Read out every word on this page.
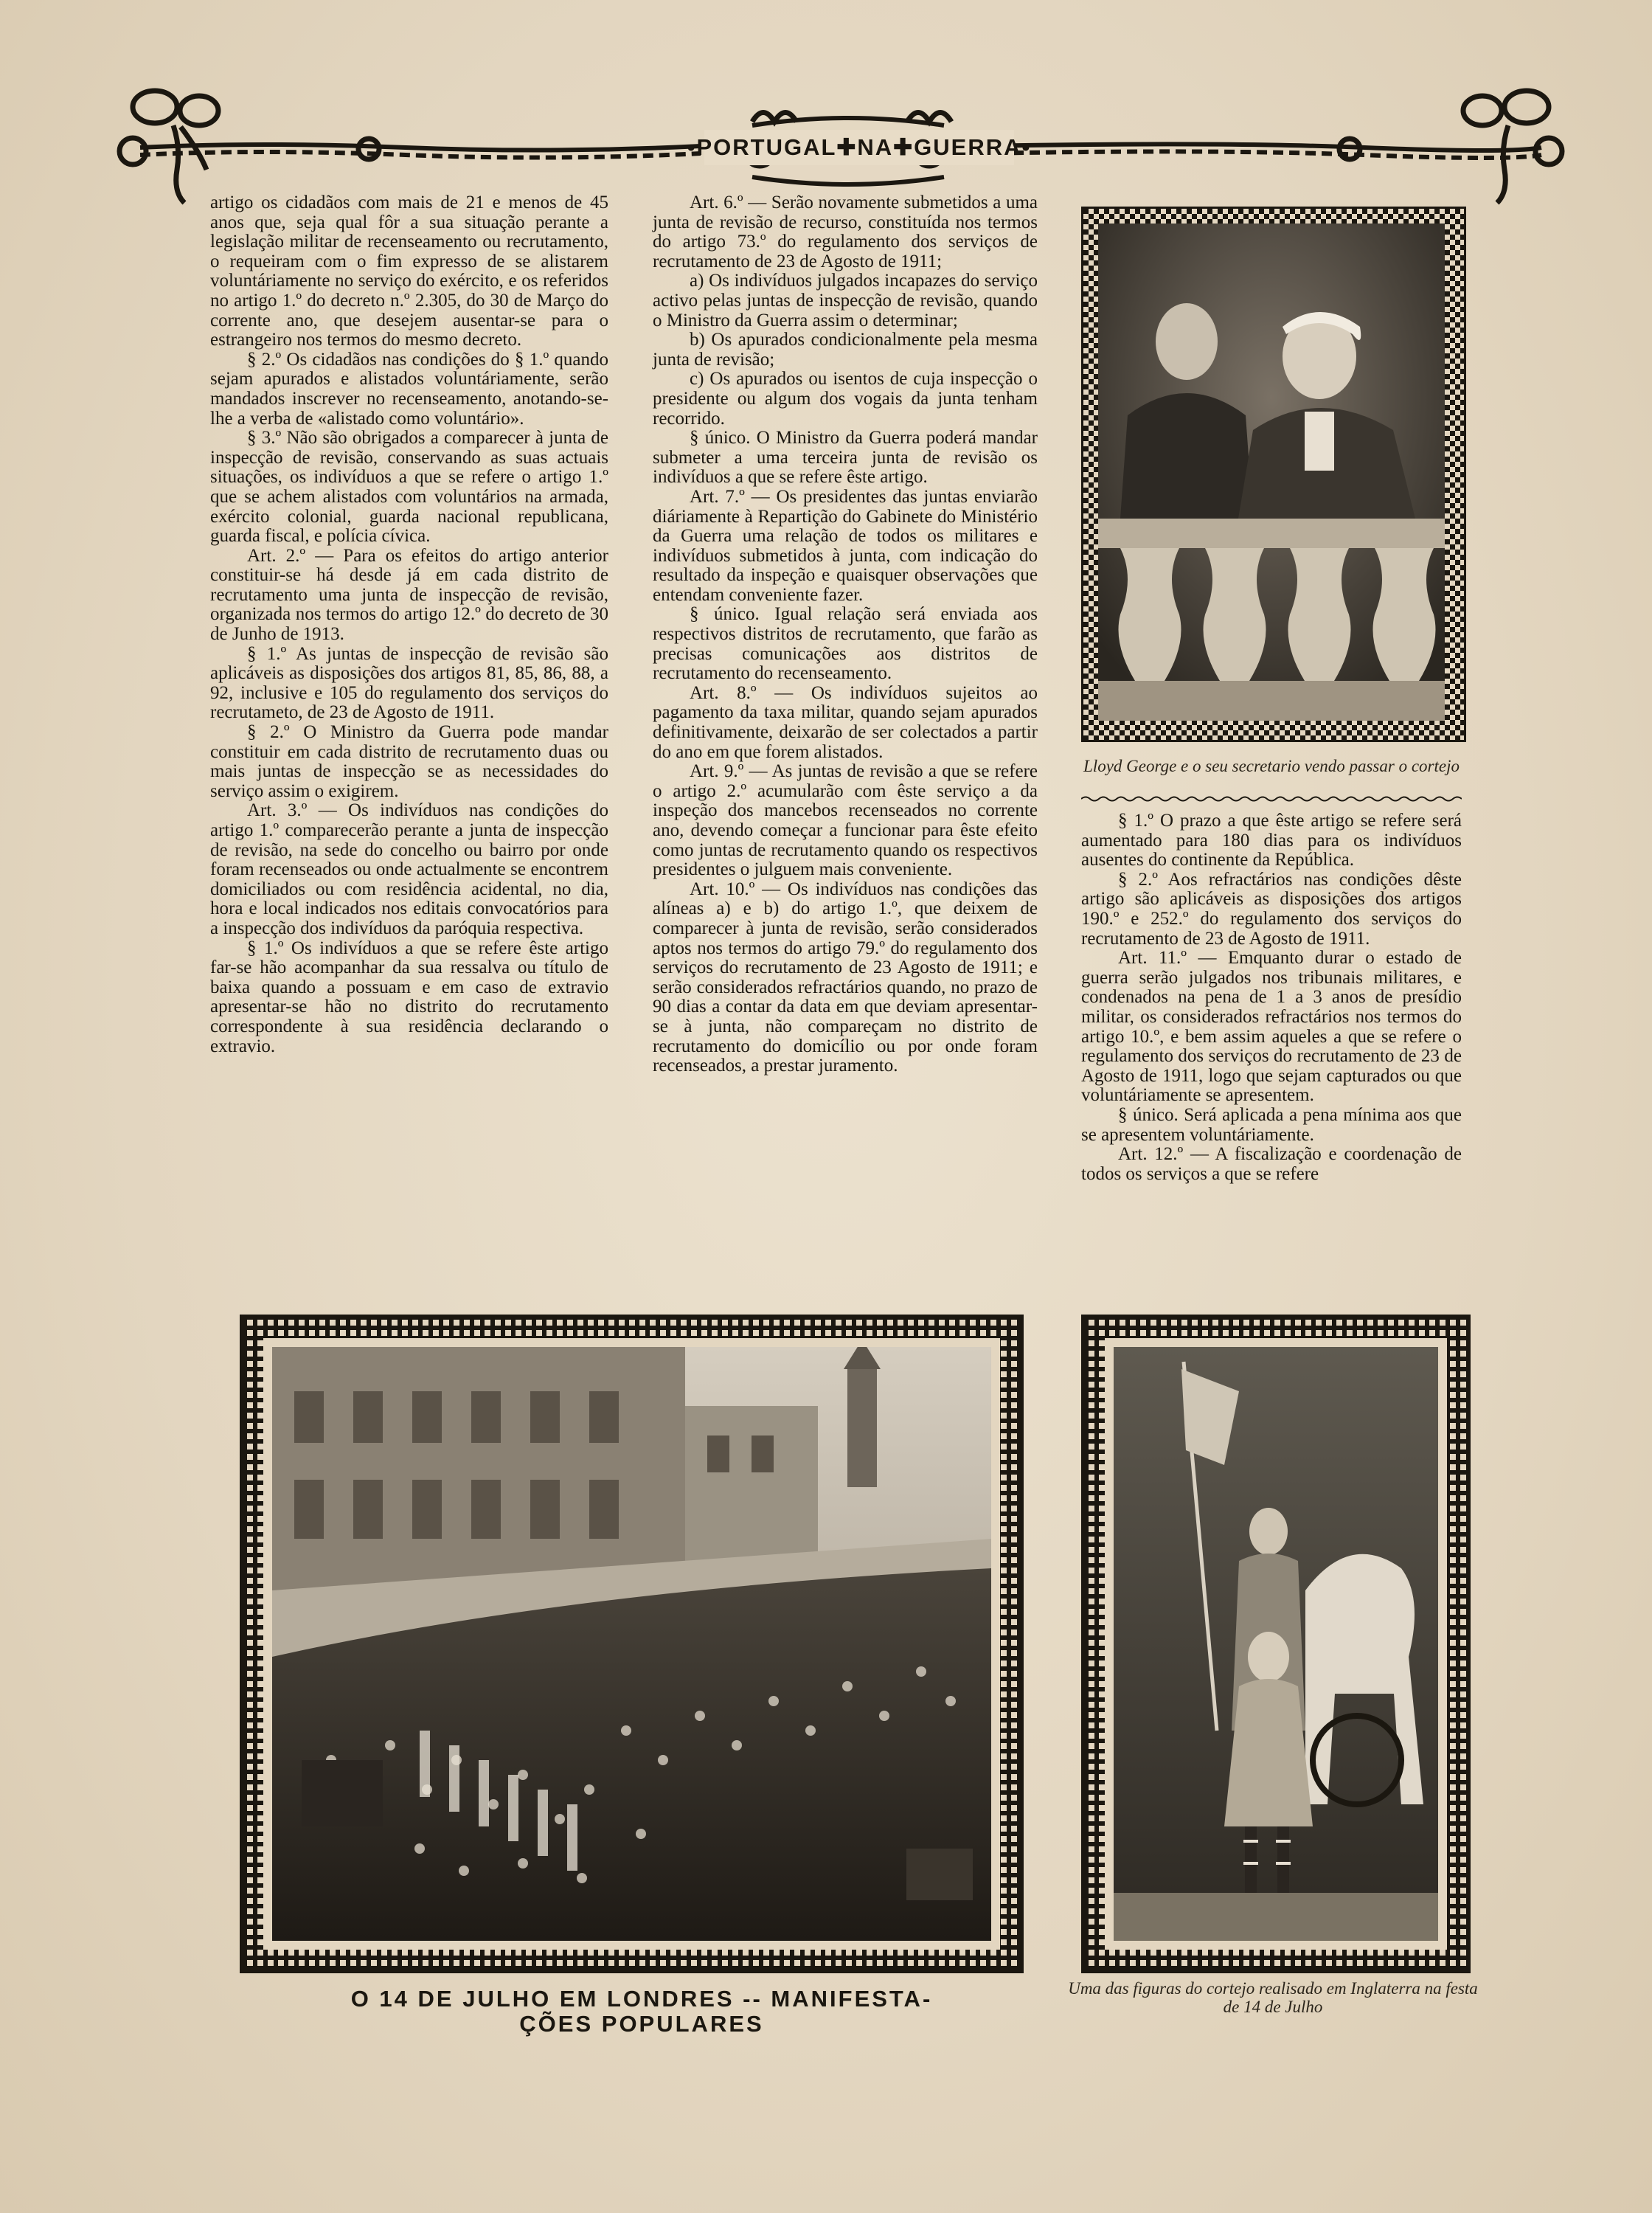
•PORTUGAL✚NA✚GUERRA•

artigo os cidadãos com mais de 21 e menos de 45 anos que, seja qual fôr a sua situação perante a legislação militar de recenseamento ou recrutamento, o requeiram com o fim expresso de se alistarem voluntáriamente no serviço do exército, e os referidos no artigo 1.º do decreto n.º 2.305, do 30 de Março do corrente ano, que desejem ausentar-se para o estrangeiro nos termos do mesmo decreto.

§ 2.º Os cidadãos nas condições do § 1.º quando sejam apurados e alistados voluntáriamente, serão mandados inscrever no recenseamento, anotando-se-lhe a verba de «alistado como voluntário».

§ 3.º Não são obrigados a comparecer à junta de inspecção de revisão, conservando as suas actuais situações, os indivíduos a que se refere o artigo 1.º que se achem alistados com voluntários na armada, exército colonial, guarda nacional republicana, guarda fiscal, e polícia cívica.

Art. 2.º — Para os efeitos do artigo anterior constituir-se há desde já em cada distrito de recrutamento uma junta de inspecção de revisão, organizada nos termos do artigo 12.º do decreto de 30 de Junho de 1913.

§ 1.º As juntas de inspecção de revisão são aplicáveis as disposições dos artigos 81, 85, 86, 88, a 92, inclusive e 105 do regulamento dos serviços do recrutameto, de 23 de Agosto de 1911.

§ 2.º O Ministro da Guerra pode mandar constituir em cada distrito de recrutamento duas ou mais juntas de inspecção se as necessidades do serviço assim o exigirem.

Art. 3.º — Os indivíduos nas condições do artigo 1.º comparecerão perante a junta de inspecção de revisão, na sede do concelho ou bairro por onde foram recenseados ou onde actualmente se encontrem domiciliados ou com residência acidental, no dia, hora e local indicados nos editais convocatórios para a inspecção dos indivíduos da paróquia respectiva.

§ 1.º Os indivíduos a que se refere êste artigo far-se hão acompanhar da sua ressalva ou título de baixa quando a possuam e em caso de extravio apresentar-se hão no distrito do recrutamento correspondente à sua residência declarando o extravio.

Art. 6.º — Serão novamente submetidos a uma junta de revisão de recurso, constituída nos termos do artigo 73.º do regulamento dos serviços de recrutamento de 23 de Agosto de 1911;

a) Os indivíduos julgados incapazes do serviço activo pelas juntas de inspecção de revisão, quando o Ministro da Guerra assim o determinar;

b) Os apurados condicionalmente pela mesma junta de revisão;

c) Os apurados ou isentos de cuja inspecção o presidente ou algum dos vogais da junta tenham recorrido.

§ único. O Ministro da Guerra poderá mandar submeter a uma terceira junta de revisão os indivíduos a que se refere êste artigo.

Art. 7.º — Os presidentes das juntas enviarão diáriamente à Repartição do Gabinete do Ministério da Guerra uma relação de todos os militares e indivíduos submetidos à junta, com indicação do resultado da inspeção e quaisquer observações que entendam conveniente fazer.

§ único. Igual relação será enviada aos respectivos distritos de recrutamento, que farão as precisas comunicações aos distritos de recrutamento do recenseamento.

Art. 8.º — Os indivíduos sujeitos ao pagamento da taxa militar, quando sejam apurados definitivamente, deixarão de ser colectados a partir do ano em que forem alistados.

Art. 9.º — As juntas de revisão a que se refere o artigo 2.º acumularão com êste serviço a da inspeção dos mancebos recenseados no corrente ano, devendo começar a funcionar para êste efeito como juntas de recrutamento quando os respectivos presidentes o julguem mais conveniente.

Art. 10.º — Os indivíduos nas condições das alíneas a) e b) do artigo 1.º, que deixem de comparecer à junta de revisão, serão considerados aptos nos termos do artigo 79.º do regulamento dos serviços do recrutamento de 23 Agosto de 1911; e serão considerados refractários quando, no prazo de 90 dias a contar da data em que deviam apresentar-se à junta, não compareçam no distrito de recrutamento do domicílio ou por onde foram recenseados, a prestar juramento.

Lloyd George e o seu secretario vendo passar o cortejo

§ 1.º O prazo a que êste artigo se refere será aumentado para 180 dias para os indivíduos ausentes do continente da República.

§ 2.º Aos refractários nas condições dêste artigo são aplicáveis as disposições dos artigos 190.º e 252.º do regulamento dos serviços do recrutamento de 23 de Agosto de 1911.

Art. 11.º — Emquanto durar o estado de guerra serão julgados nos tribunais militares, e condenados na pena de 1 a 3 anos de presídio militar, os considerados refractários nos termos do artigo 10.º, e bem assim aqueles a que se refere o regulamento dos serviços do recrutamento de 23 de Agosto de 1911, logo que sejam capturados ou que voluntáriamente se apresentem.

§ único. Será aplicada a pena mínima aos que se apresentem voluntáriamente.

Art. 12.º — A fiscalização e coordenação de todos os serviços a que se refere

O 14 DE JULHO EM LONDRES -- MANIFESTA-
ÇÕES POPULARES
Uma das figuras do cortejo realisado em Inglaterra na festa de 14 de Julho
